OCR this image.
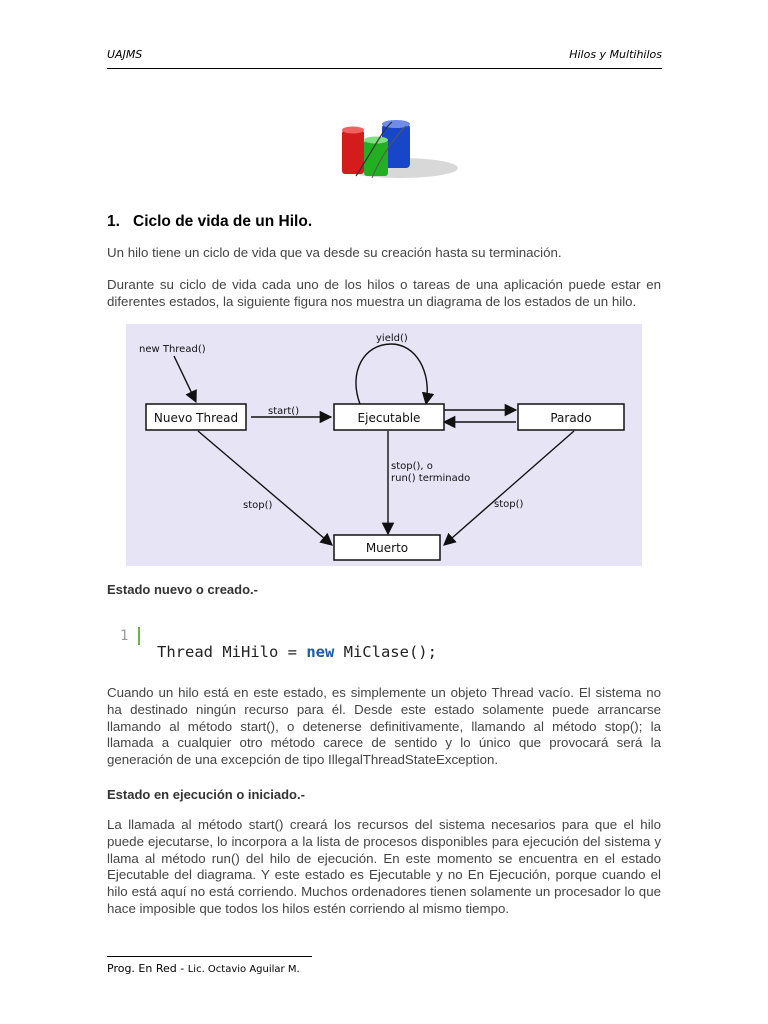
UAJMS	Hilos y Multihilos
1. Ciclo de vida de un Hilo.
Un hilo tiene un ciclo de vida que va desde su creación hasta su terminación.
Durante su ciclo de vida cada uno de los hilos o tareas de una aplicación puede estar en diferentes estados, la siguiente figura nos muestra un diagrama de los estados de un hilo.
Nuevo Thread	Ejecutable	Parado
Muerto
new Thread()
yield()
start()
stop()	stop()
stop(), o
run() terminado
Estado nuevo o creado.-
1
Thread MiHilo = new MiClase();
Cuando un hilo está en este estado, es simplemente un objeto Thread vacío. El sistema no ha destinado ningún recurso para él. Desde este estado solamente puede arrancarse llamando al método start(), o detenerse definitivamente, llamando al método stop(); la llamada a cualquier otro método carece de sentido y lo único que provocará será la generación de una excepción de tipo IllegalThreadStateException.
Estado en ejecución o iniciado.-
La llamada al método start() creará los recursos del sistema necesarios para que el hilo puede ejecutarse, lo incorpora a la lista de procesos disponibles para ejecución del sistema y llama al método run() del hilo de ejecución. En este momento se encuentra en el estado Ejecutable del diagrama. Y este estado es Ejecutable y no En Ejecución, porque cuando el hilo está aquí no está corriendo. Muchos ordenadores tienen solamente un procesador lo que hace imposible que todos los hilos estén corriendo al mismo tiempo.
Prog. En Red - Lic. Octavio Aguilar M.
